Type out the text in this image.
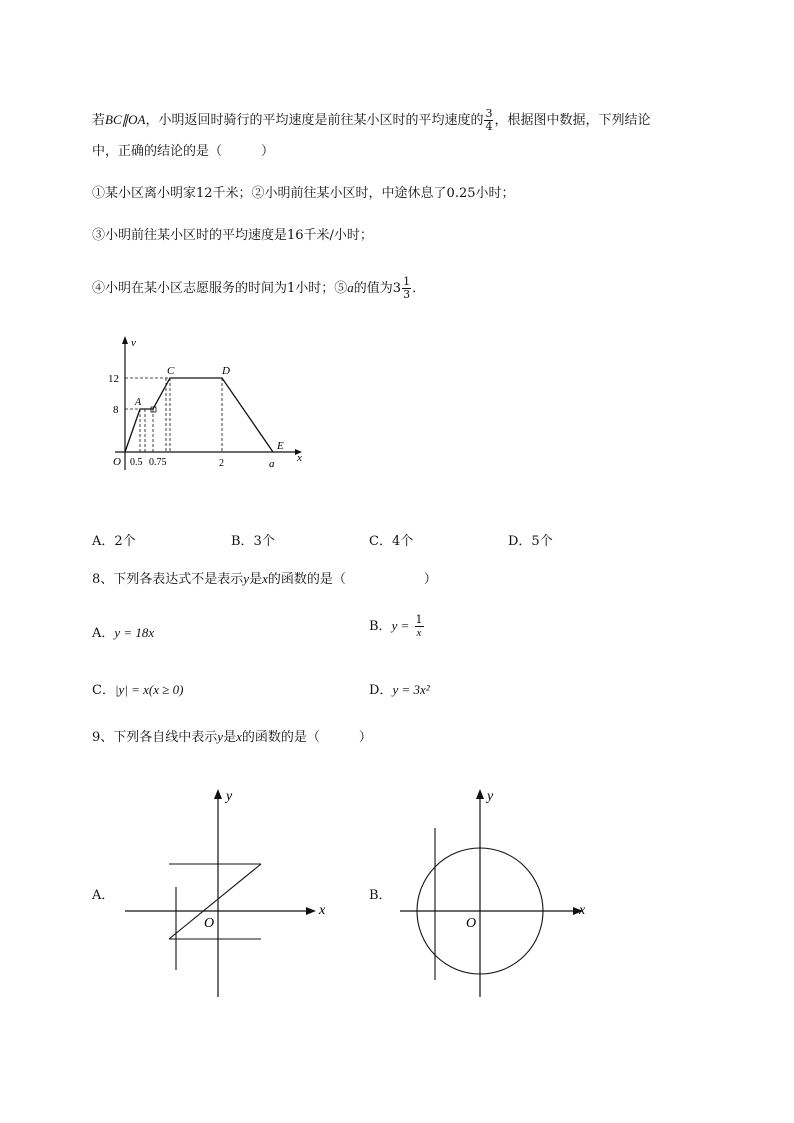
若BC∥OA，小明返回时骑行的平均速度是前往某小区时的平均速度的 $\frac{3}{4}$ ，根据图中数据，下列结论
中，正确的结论的是（　　　）
①某小区离小明家12千米；②小明前往某小区时，中途休息了0.25小时；
③小明前往某小区时的平均速度是16千米/小时；
④小明在某小区志愿服务的时间为1小时；⑤a的值为$3 \frac{1}{3}$ ．
v
x
O
12
8
0.5 0.75	2	a
A
B
C	D
E
A．2个	B．3个	C．4个	D．5个
8、下列各表达式不是表示y是x的函数的是（　　　　　　）
A．y = 18x	B．$y = \frac{1}{x}$
C．|y| = x(x ≥ 0)	D．y = 3x²
9、下列各自线中表示y是x的函数的是（　　　）
A．
x
y
O
B．
x
y
O
